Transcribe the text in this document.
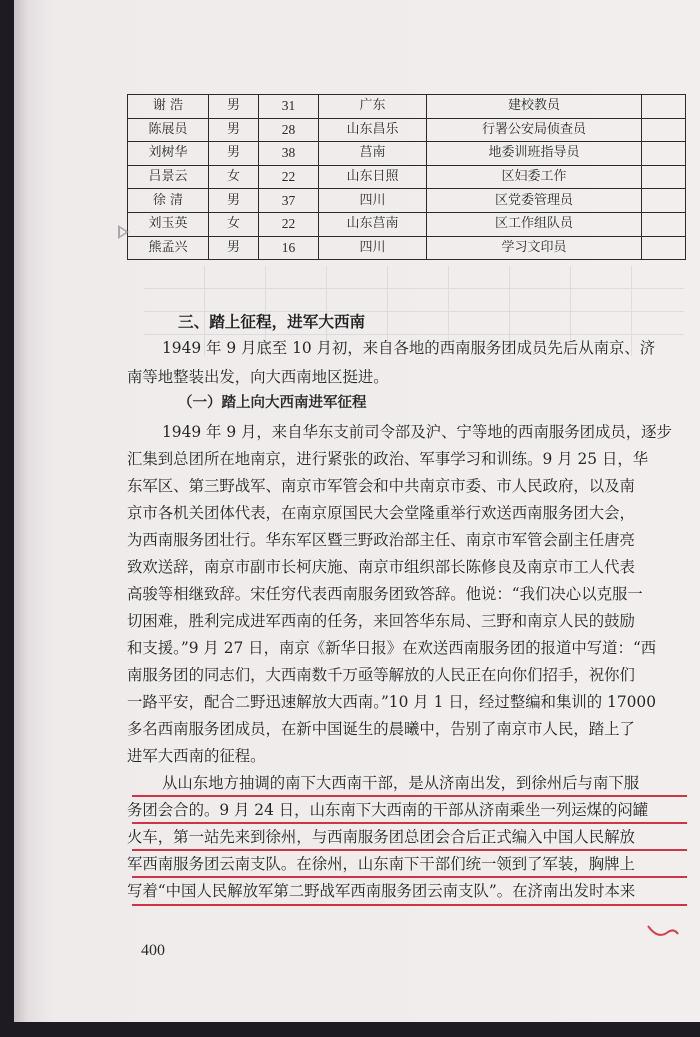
谢 浩	男	31	广东	建校教员	
陈展员	男	28	山东昌乐	行署公安局侦查员	
刘树华	男	38	莒南	地委训班指导员	
吕景云	女	22	山东日照	区妇委工作	
徐 清	男	37	四川	区党委管理员	
刘玉英	女	22	山东莒南	区工作组队员	
熊孟兴	男	16	四川	学习文印员	
三、踏上征程，进军大西南
1949 年 9 月底至 10 月初，来自各地的西南服务团成员先后从南京、济
南等地整装出发，向大西南地区挺进。
（一）踏上向大西南进军征程
1949 年 9 月，来自华东支前司令部及沪、宁等地的西南服务团成员，逐步
汇集到总团所在地南京，进行紧张的政治、军事学习和训练。9 月 25 日，华
东军区、第三野战军、南京市军管会和中共南京市委、市人民政府，以及南
京市各机关团体代表，在南京原国民大会堂隆重举行欢送西南服务团大会，
为西南服务团壮行。华东军区暨三野政治部主任、南京市军管会副主任唐亮
致欢送辞，南京市副市长柯庆施、南京市组织部长陈修良及南京市工人代表
高骏等相继致辞。宋任穷代表西南服务团致答辞。他说：“我们决心以克服一
切困难，胜利完成进军西南的任务，来回答华东局、三野和南京人民的鼓励
和支援。”9 月 27 日，南京《新华日报》在欢送西南服务团的报道中写道：“西
南服务团的同志们，大西南数千万亟等解放的人民正在向你们招手，祝你们
一路平安，配合二野迅速解放大西南。”10 月 1 日，经过整编和集训的 17000
多名西南服务团成员，在新中国诞生的晨曦中，告别了南京市人民，踏上了
进军大西南的征程。
从山东地方抽调的南下大西南干部，是从济南出发，到徐州后与南下服
务团会合的。9 月 24 日，山东南下大西南的干部从济南乘坐一列运煤的闷罐
火车，第一站先来到徐州，与西南服务团总团会合后正式编入中国人民解放
军西南服务团云南支队。在徐州，山东南下干部们统一领到了军装，胸牌上
写着“中国人民解放军第二野战军西南服务团云南支队”。在济南出发时本来
400
